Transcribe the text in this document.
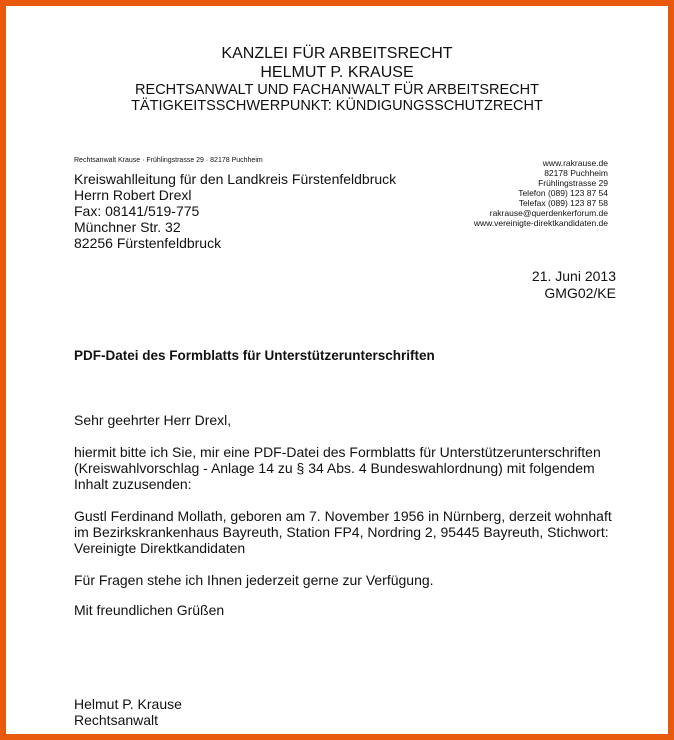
KANZLEI FÜR ARBEITSRECHT
HELMUT P. KRAUSE
RECHTSANWALT UND FACHANWALT FÜR ARBEITSRECHT
TÄTIGKEITSSCHWERPUNKT: KÜNDIGUNGSSCHUTZRECHT
Rechtsanwalt Krause · Frühlingstrasse 29 · 82178 Puchheim
Kreiswahlleitung für den Landkreis Fürstenfeldbruck
Herrn Robert Drexl
Fax: 08141/519-775
Münchner Str. 32
82256 Fürstenfeldbruck
www.rakrause.de
82178 Puchheim
Frühlingstrasse 29
Telefon (089) 123 87 54
Telefax (089) 123 87 58
rakrause@querdenkerforum.de
www.vereinigte-direktkandidaten.de
21. Juni 2013
GMG02/KE
PDF-Datei des Formblatts für Unterstützerunterschriften

Sehr geehrter Herr Drexl,

hiermit bitte ich Sie, mir eine PDF-Datei des Formblatts für Unterstützerunterschriften
(Kreiswahlvorschlag - Anlage 14 zu § 34 Abs. 4 Bundeswahlordnung) mit folgendem
Inhalt zuzusenden:
Gustl Ferdinand Mollath, geboren am 7. November 1956 in Nürnberg, derzeit wohnhaft
im Bezirkskrankenhaus Bayreuth, Station FP4, Nordring 2, 95445 Bayreuth, Stichwort:
Vereinigte Direktkandidaten

Für Fragen stehe ich Ihnen jederzeit gerne zur Verfügung.

Mit freundlichen Grüßen

Helmut P. Krause
Rechtsanwalt
